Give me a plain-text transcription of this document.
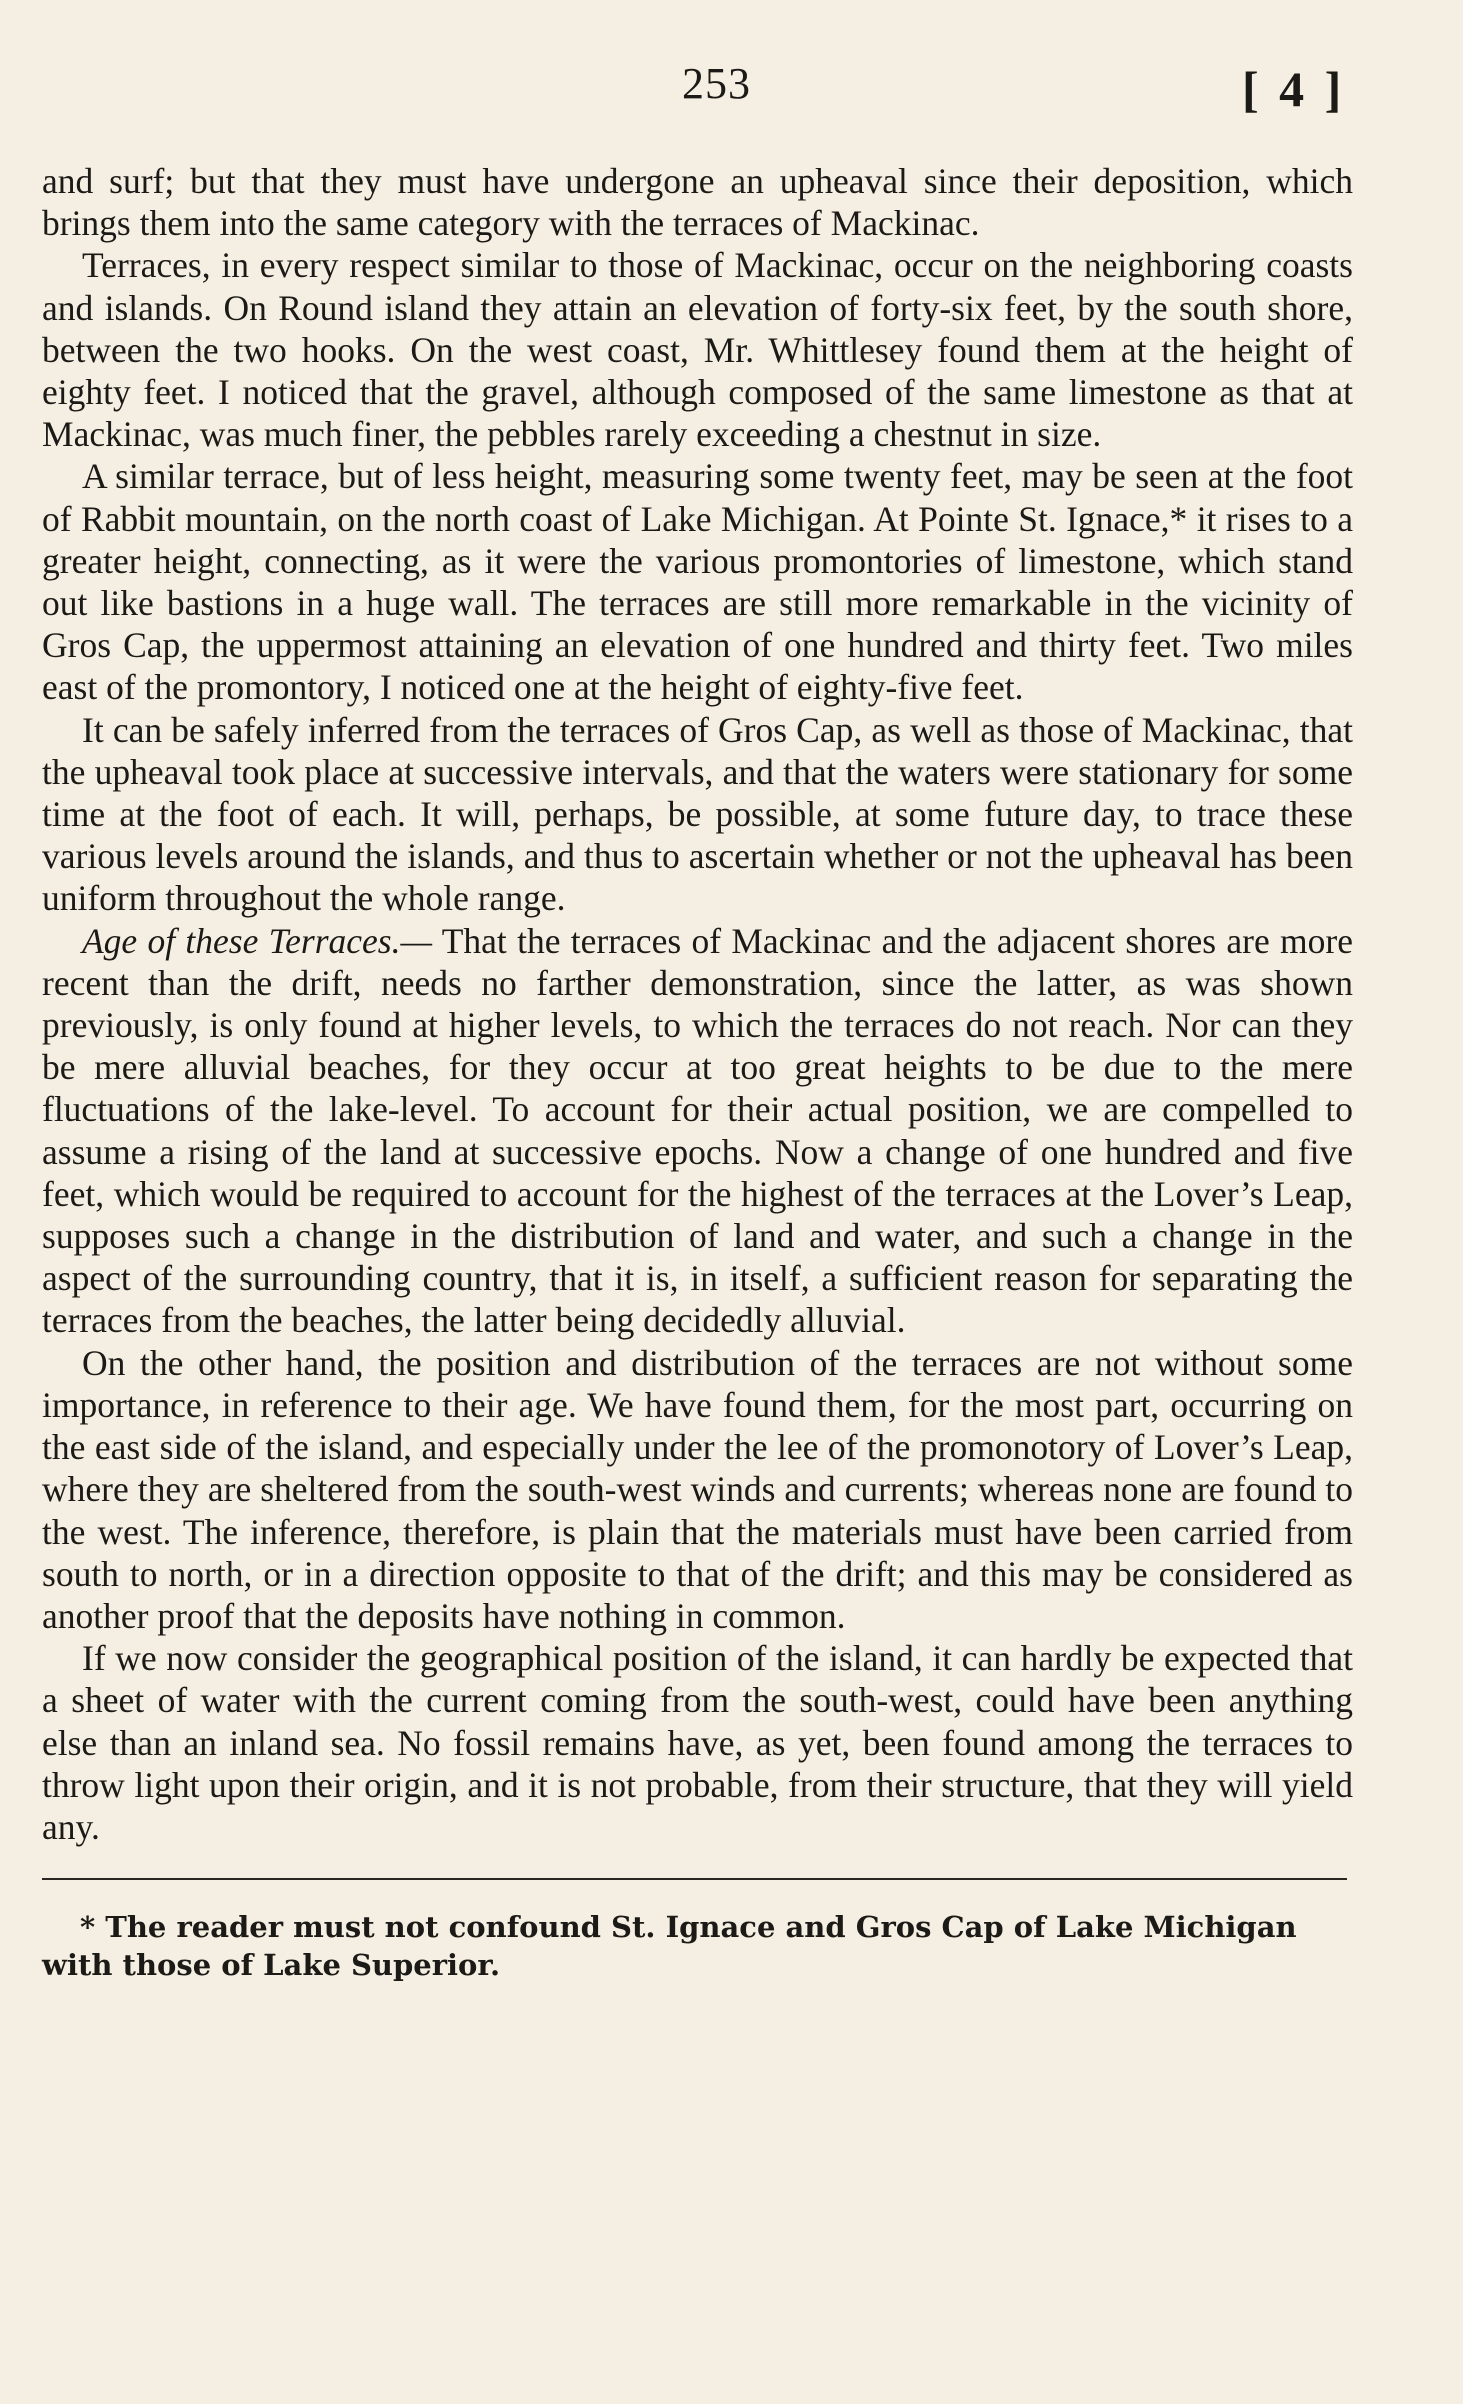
253	[ 4 ]

and surf; but that they must have undergone an upheaval since their deposition, which brings them into the same category with the terraces of Mackinac.

Terraces, in every respect similar to those of Mackinac, occur on the neighboring coasts and islands. On Round island they attain an elevation of forty-six feet, by the south shore, between the two hooks. On the west coast, Mr. Whittlesey found them at the height of eighty feet. I noticed that the gravel, although composed of the same limestone as that at Mackinac, was much finer, the pebbles rarely exceeding a chestnut in size.

A similar terrace, but of less height, measuring some twenty feet, may be seen at the foot of Rabbit mountain, on the north coast of Lake Michigan. At Pointe St. Ignace,* it rises to a greater height, connecting, as it were the various promontories of limestone, which stand out like bastions in a huge wall. The terraces are still more remarkable in the vicinity of Gros Cap, the uppermost attaining an elevation of one hundred and thirty feet. Two miles east of the promontory, I noticed one at the height of eighty-five feet.

It can be safely inferred from the terraces of Gros Cap, as well as those of Mackinac, that the upheaval took place at successive intervals, and that the waters were stationary for some time at the foot of each. It will, perhaps, be possible, at some future day, to trace these various levels around the islands, and thus to ascertain whether or not the upheaval has been uniform throughout the whole range.

Age of these Terraces.— That the terraces of Mackinac and the adjacent shores are more recent than the drift, needs no farther demonstration, since the latter, as was shown previously, is only found at higher levels, to which the terraces do not reach. Nor can they be mere alluvial beaches, for they occur at too great heights to be due to the mere fluctuations of the lake-level. To account for their actual position, we are compelled to assume a rising of the land at successive epochs. Now a change of one hundred and five feet, which would be required to account for the highest of the terraces at the Lover’s Leap, supposes such a change in the distribution of land and water, and such a change in the aspect of the surrounding country, that it is, in itself, a sufficient reason for separating the terraces from the beaches, the latter being decidedly alluvial.

On the other hand, the position and distribution of the terraces are not without some importance, in reference to their age. We have found them, for the most part, occurring on the east side of the island, and especially under the lee of the promonotory of Lover’s Leap, where they are sheltered from the south-west winds and currents; whereas none are found to the west. The inference, therefore, is plain that the materials must have been carried from south to north, or in a direction opposite to that of the drift; and this may be considered as another proof that the deposits have nothing in common.

If we now consider the geographical position of the island, it can hardly be expected that a sheet of water with the current coming from the south-west, could have been anything else than an inland sea. No fossil remains have, as yet, been found among the terraces to throw light upon their origin, and it is not probable, from their structure, that they will yield any.

* The reader must not confound St. Ignace and Gros Cap of Lake Michigan with those of Lake Superior.
